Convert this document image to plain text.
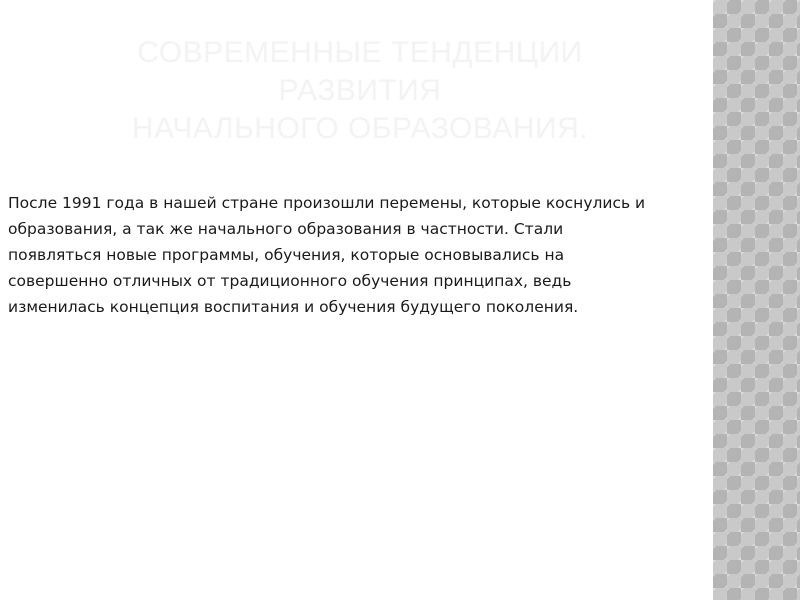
СОВРЕМЕННЫЕ ТЕНДЕНЦИИ РАЗВИТИЯ
НАЧАЛЬНОГО ОБРАЗОВАНИЯ.

После 1991 года в нашей стране произошли перемены, которые коснулись и образования, а так же начального образования в частности. Стали появляться новые программы, обучения, которые основывались на совершенно отличных от традиционного обучения принципах, ведь изменилась концепция воспитания и обучения будущего поколения.
